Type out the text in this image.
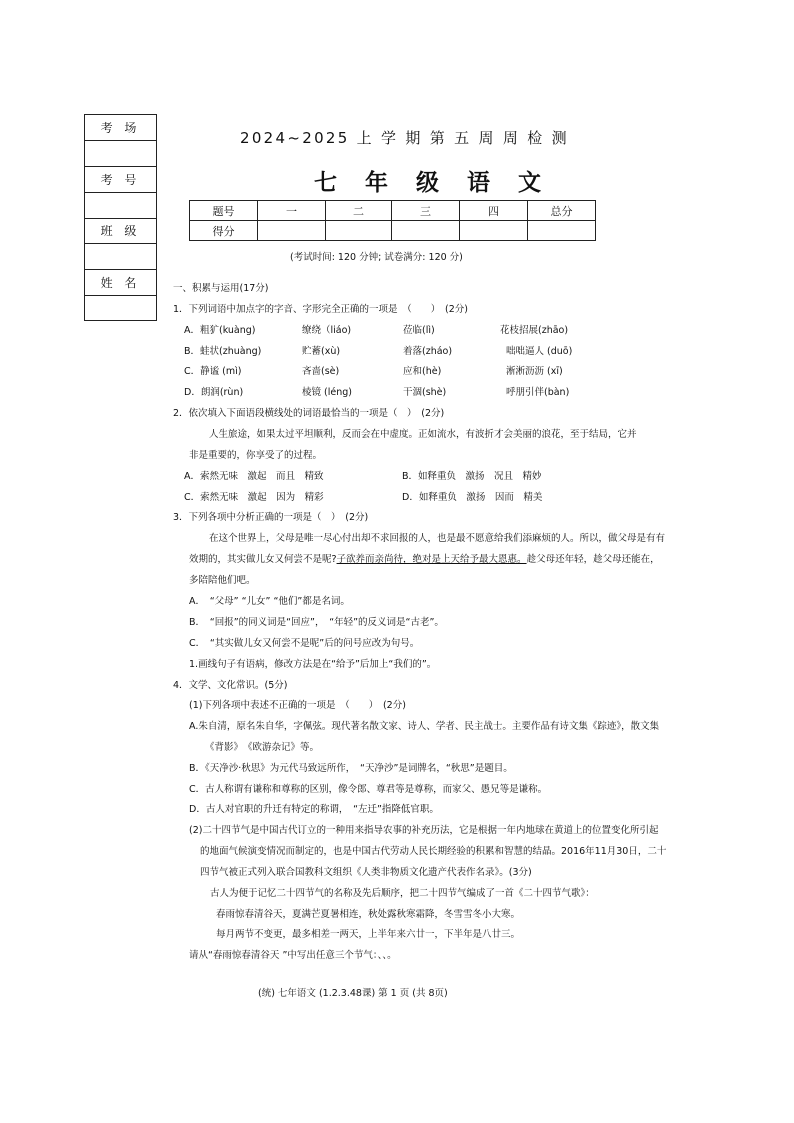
考 场
考 号
班 级
姓 名
2024~2025 上 学 期 第 五 周 周 检 测
七 年 级 语 文
题号	一	二	三	四	总分
得分					
(考试时间: 120 分钟; 试卷满分: 120 分)
一、积累与运用(17分)
1．下列词语中加点字的字音、字形完全正确的一项是　（　　）　(2分)
A．粗犷(kuàng)	缭绕（liáo)	莅临(lì)	花枝招展(zhāo)
B．蛙状(zhuàng)	贮蓄(xù)	着落(zháo)	咄咄逼人 (duō)
C．静谧 (mì)	吝啬(sè)	应和(hè)	淅淅沥沥 (xī)
D．朗润(rùn)	棱镜 (léng)	干涸(shè)	呼朋引伴(bàn)
2．依次填入下面语段横线处的词语最恰当的一项是（　）　(2分)
人生旅途，如果太过平坦顺利，反而会在中虚度。正如流水，有波折才会美丽的浪花，至于结局，它并
非是重要的，你享受了的过程。
A．索然无味　激起　而且　精致	B．如释重负　激扬　况且　精妙
C．索然无味　激起　因为　精彩	D．如释重负　激扬　因而　精美
3．下列各项中分析正确的一项是（　）　(2分)
在这个世界上，父母是唯一尽心付出却不求回报的人，也是最不愿意给我们添麻烦的人。所以，做父母是有有
效期的，其实做儿女又何尝不是呢?子欲养而亲尚待，绝对是上天给予最大恩惠。趁父母还年轻，趁父母还能在，
多陪陪他们吧。
A．　“父母” “儿女” “他们”都是名词。
B．　“回报”的同义词是“回应”，　“年轻”的反义词是“古老”。
C．　“其实做儿女又何尝不是呢”后的问号应改为句号。
1.画线句子有语病，修改方法是在“给予”后加上“我们的”。
4．文学、文化常识。(5分)
(1)下列各项中表述不正确的一项是　（　　）　(2分)
A.朱自清，原名朱自华，字佩弦。现代著名散文家、诗人、学者、民主战士。主要作品有诗文集《踪迹》，散文集
《背影》　《欧游杂记》等。
B．《天净沙·秋思》为元代马致远所作，　“天净沙”是词牌名，“秋思”是题目。
C．古人称谓有谦称和尊称的区别，像令郎、尊君等是尊称，而家父、愚兄等是谦称。
D．古人对官职的升迁有特定的称谓，　“左迁”指降低官职。
(2)二十四节气是中国古代订立的一种用来指导农事的补充历法，它是根据一年内地球在黄道上的位置变化所引起
的地面气候演变情况而制定的，也是中国古代劳动人民长期经验的积累和智慧的结晶。2016年11月30日，二十
四节气被正式列入联合国教科文组织《人类非物质文化遗产代表作名录》。(3分)
古人为便于记忆二十四节气的名称及先后顺序，把二十四节气编成了一首《二十四节气歌》：
春雨惊春清谷天，夏满芒夏暑相连，秋处露秋寒霜降，冬雪雪冬小大寒。
每月两节不变更，最多相差一两天，上半年来六廿一，下半年是八廿三。
请从“春雨惊春清谷天 ”中写出任意三个节气：、、。
(统) 七年语文 (1.2.3.48课) 第 1 页 (共 8页)
